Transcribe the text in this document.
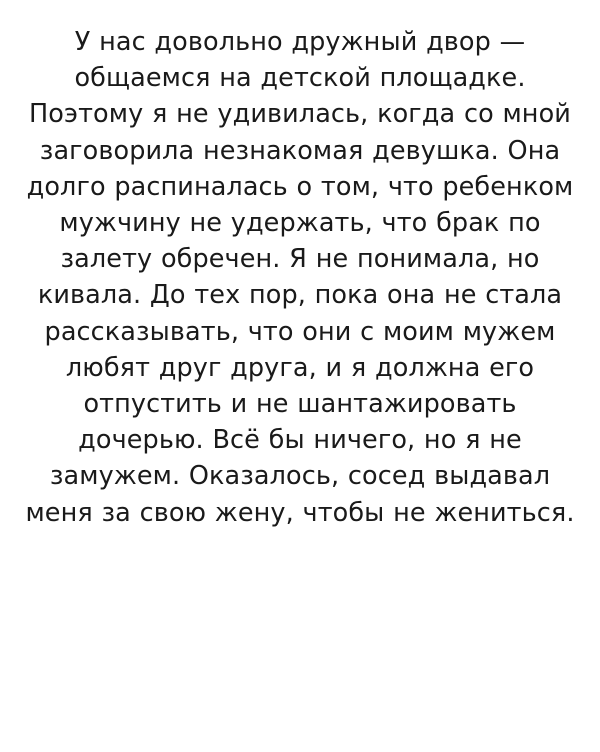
У нас довольно дружный двор — общаемся на детской площадке. Поэтому я не удивилась, когда со мной заговорила незнакомая девушка. Она долго распиналась о том, что ребенком мужчину не удержать, что брак по залету обречен. Я не понимала, но кивала. До тех пор, пока она не стала рассказывать, что они с моим мужем любят друг друга, и я должна его отпустить и не шантажировать дочерью. Всё бы ничего, но я не замужем. Оказалось, сосед выдавал меня за свою жену, чтобы не жениться.
